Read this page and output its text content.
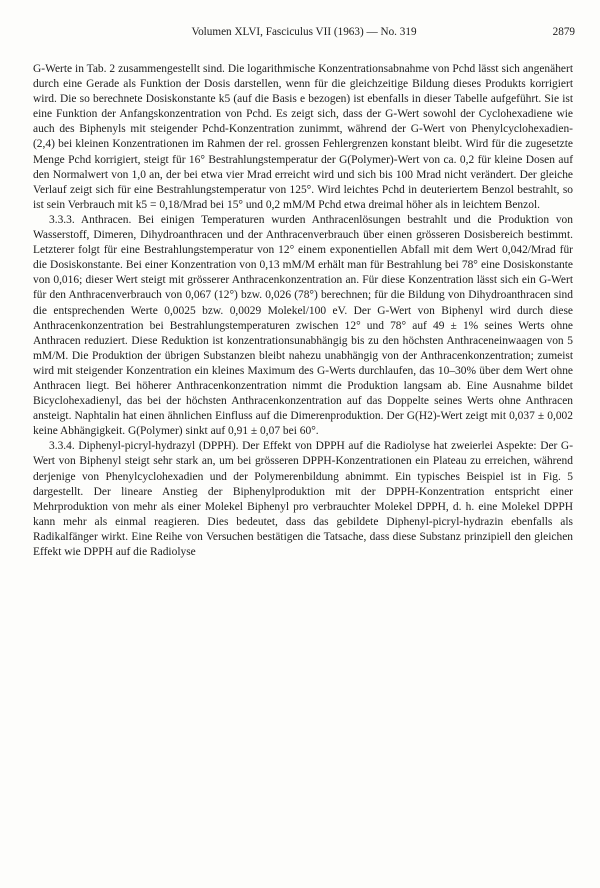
Volumen XLVI, Fasciculus VII (1963) — No. 319	2879

G-Werte in Tab. 2 zusammengestellt sind. Die logarithmische Konzentrationsabnahme von Pchd lässt sich angenähert durch eine Gerade als Funktion der Dosis darstellen, wenn für die gleichzeitige Bildung dieses Produkts korrigiert wird. Die so berechnete Dosiskonstante k5 (auf die Basis e bezogen) ist ebenfalls in dieser Tabelle aufgeführt. Sie ist eine Funktion der Anfangskonzentration von Pchd. Es zeigt sich, dass der G-Wert sowohl der Cyclohexadiene wie auch des Biphenyls mit steigender Pchd-Konzentration zunimmt, während der G-Wert von Phenylcyclohexadien-(2,4) bei kleinen Konzentrationen im Rahmen der rel. grossen Fehlergrenzen konstant bleibt. Wird für die zugesetzte Menge Pchd korrigiert, steigt für 16° Bestrahlungstemperatur der G(Polymer)-Wert von ca. 0,2 für kleine Dosen auf den Normalwert von 1,0 an, der bei etwa vier Mrad erreicht wird und sich bis 100 Mrad nicht verändert. Der gleiche Verlauf zeigt sich für eine Bestrahlungstemperatur von 125°. Wird leichtes Pchd in deuteriertem Benzol bestrahlt, so ist sein Verbrauch mit k5 = 0,18/Mrad bei 15° und 0,2 mM/M Pchd etwa dreimal höher als in leichtem Benzol.

3.3.3. Anthracen. Bei einigen Temperaturen wurden Anthracenlösungen bestrahlt und die Produktion von Wasserstoff, Dimeren, Dihydroanthracen und der Anthracenverbrauch über einen grösseren Dosisbereich bestimmt. Letzterer folgt für eine Bestrahlungstemperatur von 12° einem exponentiellen Abfall mit dem Wert 0,042/Mrad für die Dosiskonstante. Bei einer Konzentration von 0,13 mM/M erhält man für Bestrahlung bei 78° eine Dosiskonstante von 0,016; dieser Wert steigt mit grösserer Anthracenkonzentration an. Für diese Konzentration lässt sich ein G-Wert für den Anthracenverbrauch von 0,067 (12°) bzw. 0,026 (78°) berechnen; für die Bildung von Dihydroanthracen sind die entsprechenden Werte 0,0025 bzw. 0,0029 Molekel/100 eV. Der G-Wert von Biphenyl wird durch diese Anthracenkonzentration bei Bestrahlungstemperaturen zwischen 12° und 78° auf 49 ± 1% seines Werts ohne Anthracen reduziert. Diese Reduktion ist konzentrationsunabhängig bis zu den höchsten Anthraceneinwaagen von 5 mM/M. Die Produktion der übrigen Substanzen bleibt nahezu unabhängig von der Anthracenkonzentration; zumeist wird mit steigender Konzentration ein kleines Maximum des G-Werts durchlaufen, das 10–30% über dem Wert ohne Anthracen liegt. Bei höherer Anthracenkonzentration nimmt die Produktion langsam ab. Eine Ausnahme bildet Bicyclohexadienyl, das bei der höchsten Anthracenkonzentration auf das Doppelte seines Werts ohne Anthracen ansteigt. Naphtalin hat einen ähnlichen Einfluss auf die Dimerenproduktion. Der G(H2)-Wert zeigt mit 0,037 ± 0,002 keine Abhängigkeit. G(Polymer) sinkt auf 0,91 ± 0,07 bei 60°.

3.3.4. Diphenyl-picryl-hydrazyl (DPPH). Der Effekt von DPPH auf die Radiolyse hat zweierlei Aspekte: Der G-Wert von Biphenyl steigt sehr stark an, um bei grösseren DPPH-Konzentrationen ein Plateau zu erreichen, während derjenige von Phenylcyclohexadien und der Polymerenbildung abnimmt. Ein typisches Beispiel ist in Fig. 5 dargestellt. Der lineare Anstieg der Biphenylproduktion mit der DPPH-Konzentration entspricht einer Mehrproduktion von mehr als einer Molekel Biphenyl pro verbrauchter Molekel DPPH, d. h. eine Molekel DPPH kann mehr als einmal reagieren. Dies bedeutet, dass das gebildete Diphenyl-picryl-hydrazin ebenfalls als Radikalfänger wirkt. Eine Reihe von Versuchen bestätigen die Tatsache, dass diese Substanz prinzipiell den gleichen Effekt wie DPPH auf die Radiolyse
